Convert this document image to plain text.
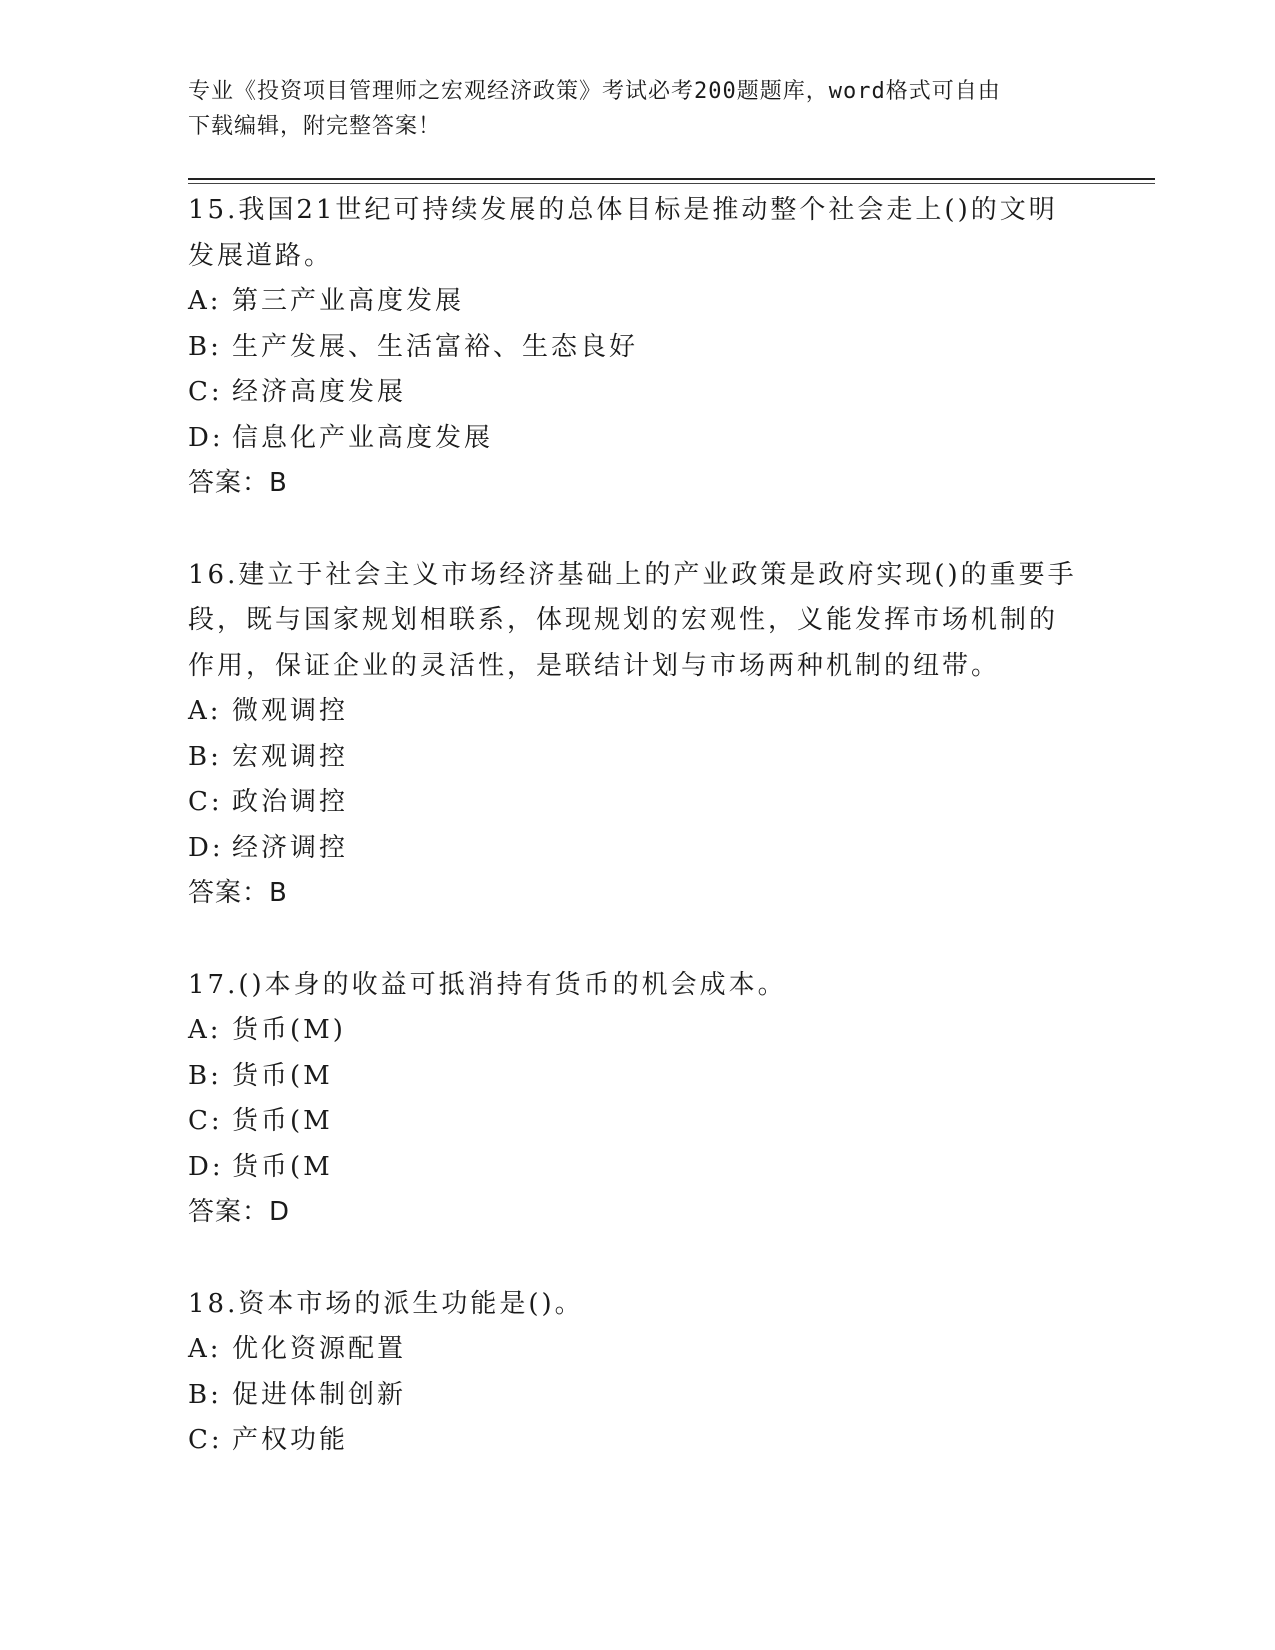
专业《投资项目管理师之宏观经济政策》考试必考200题题库，word格式可自由
下载编辑，附完整答案！
15.我国21世纪可持续发展的总体目标是推动整个社会走上()的文明
发展道路。
A: 第三产业高度发展
B: 生产发展、生活富裕、生态良好
C: 经济高度发展
D: 信息化产业高度发展
答案：B
16.建立于社会主义市场经济基础上的产业政策是政府实现()的重要手
段，既与国家规划相联系，体现规划的宏观性，义能发挥市场机制的
作用，保证企业的灵活性，是联结计划与市场两种机制的纽带。
A: 微观调控
B: 宏观调控
C: 政治调控
D: 经济调控
答案：B
17.()本身的收益可抵消持有货币的机会成本。
A: 货币(M)
B: 货币(M
C: 货币(M
D: 货币(M
答案：D
18.资本市场的派生功能是()。
A: 优化资源配置
B: 促进体制创新
C: 产权功能
